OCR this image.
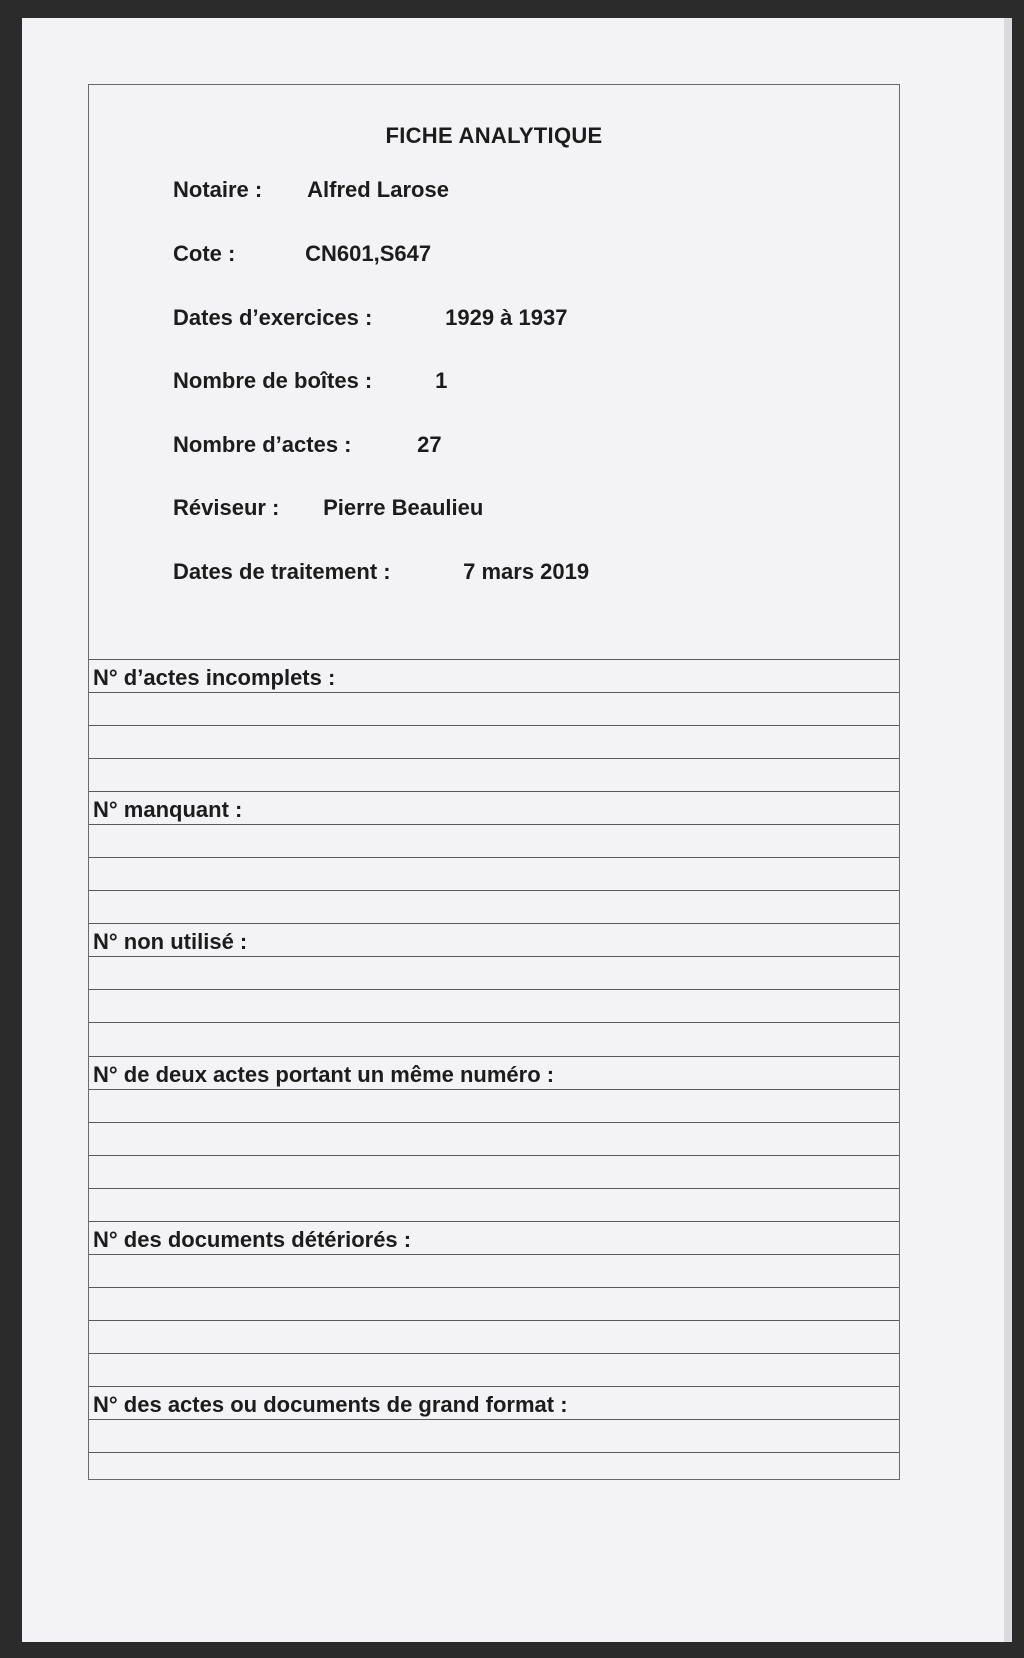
FICHE ANALYTIQUE
Notaire : Alfred Larose
Cote :	CN601,S647
Dates d’exercices :	1929 à 1937
Nombre de boîtes :	1
Nombre d’actes :	27
Réviseur : Pierre Beaulieu
Dates de traitement :	7 mars 2019
N° d’actes incomplets :
N° manquant :
N° non utilisé :
N° de deux actes portant un même numéro :
N° des documents détériorés :
N° des actes ou documents de grand format :
